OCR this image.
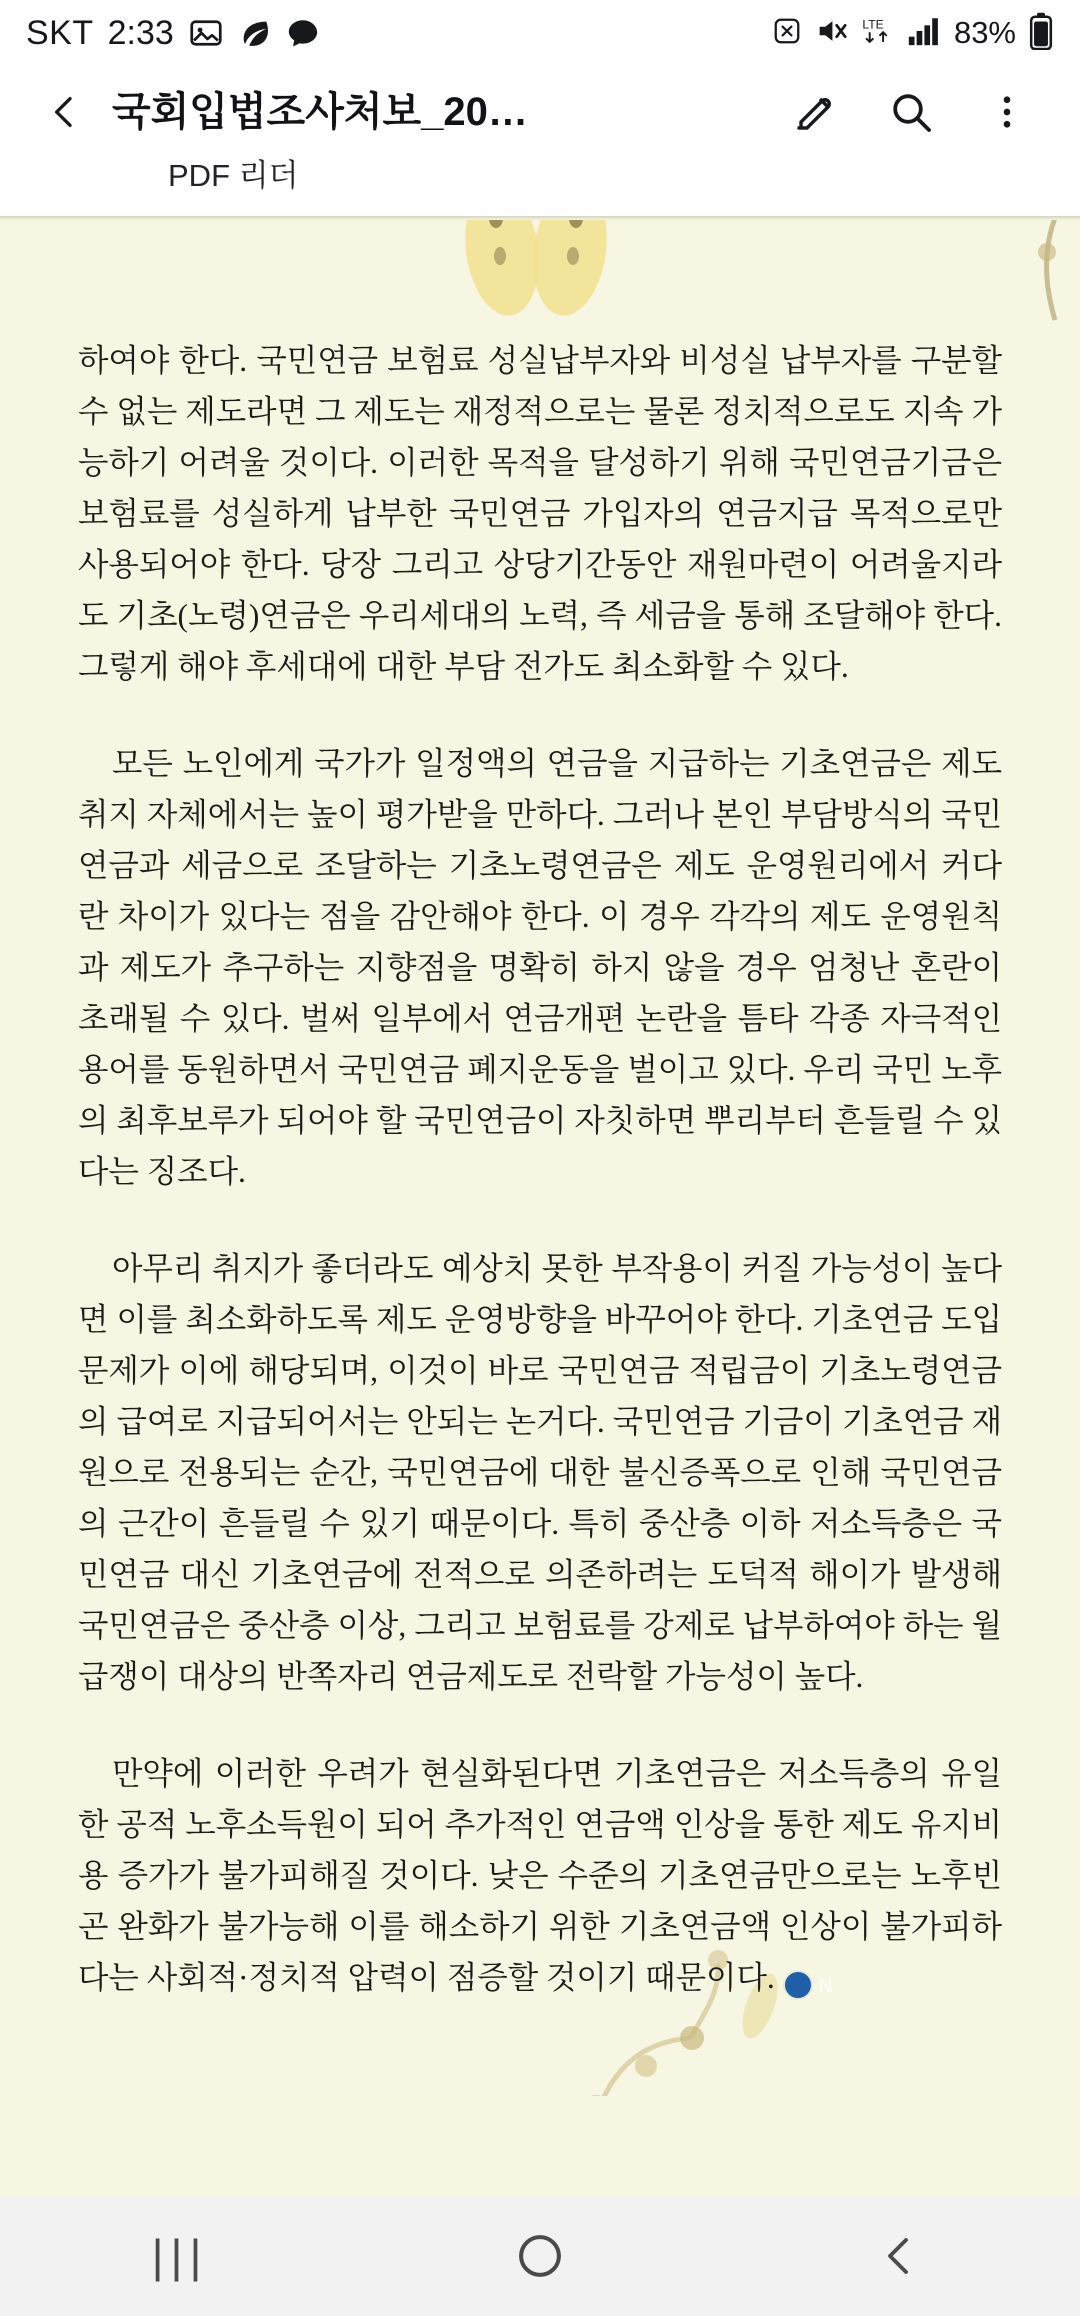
SKT 2:33	LTE 83%
국회입법조사처보_20…
PDF 리더

하여야 한다. 국민연금 보험료 성실납부자와 비성실 납부자를 구분할 수 없는 제도라면 그 제도는 재정적으로는 물론 정치적으로도 지속 가능하기 어려울 것이다. 이러한 목적을 달성하기 위해 국민연금기금은 보험료를 성실하게 납부한 국민연금 가입자의 연금지급 목적으로만 사용되어야 한다. 당장 그리고 상당기간동안 재원마련이 어려울지라도 기초(노령)연금은 우리세대의 노력, 즉 세금을 통해 조달해야 한다. 그렇게 해야 후세대에 대한 부담 전가도 최소화할 수 있다.

모든 노인에게 국가가 일정액의 연금을 지급하는 기초연금은 제도 취지 자체에서는 높이 평가받을 만하다. 그러나 본인 부담방식의 국민연금과 세금으로 조달하는 기초노령연금은 제도 운영원리에서 커다란 차이가 있다는 점을 감안해야 한다. 이 경우 각각의 제도 운영원칙과 제도가 추구하는 지향점을 명확히 하지 않을 경우 엄청난 혼란이 초래될 수 있다. 벌써 일부에서 연금개편 논란을 틈타 각종 자극적인 용어를 동원하면서 국민연금 폐지운동을 벌이고 있다. 우리 국민 노후의 최후보루가 되어야 할 국민연금이 자칫하면 뿌리부터 흔들릴 수 있다는 징조다.

아무리 취지가 좋더라도 예상치 못한 부작용이 커질 가능성이 높다면 이를 최소화하도록 제도 운영방향을 바꾸어야 한다. 기초연금 도입 문제가 이에 해당되며, 이것이 바로 국민연금 적립금이 기초노령연금의 급여로 지급되어서는 안되는 논거다. 국민연금 기금이 기초연금 재원으로 전용되는 순간, 국민연금에 대한 불신증폭으로 인해 국민연금의 근간이 흔들릴 수 있기 때문이다. 특히 중산층 이하 저소득층은 국민연금 대신 기초연금에 전적으로 의존하려는 도덕적 해이가 발생해 국민연금은 중산층 이상, 그리고 보험료를 강제로 납부하여야 하는 월급쟁이 대상의 반쪽자리 연금제도로 전락할 가능성이 높다.

만약에 이러한 우려가 현실화된다면 기초연금은 저소득층의 유일한 공적 노후소득원이 되어 추가적인 연금액 인상을 통한 제도 유지비용 증가가 불가피해질 것이다. 낮은 수준의 기초연금만으로는 노후빈곤 완화가 불가능해 이를 해소하기 위한 기초연금액 인상이 불가피하다는 사회적·정치적 압력이 점증할 것이기 때문이다. N

|||
